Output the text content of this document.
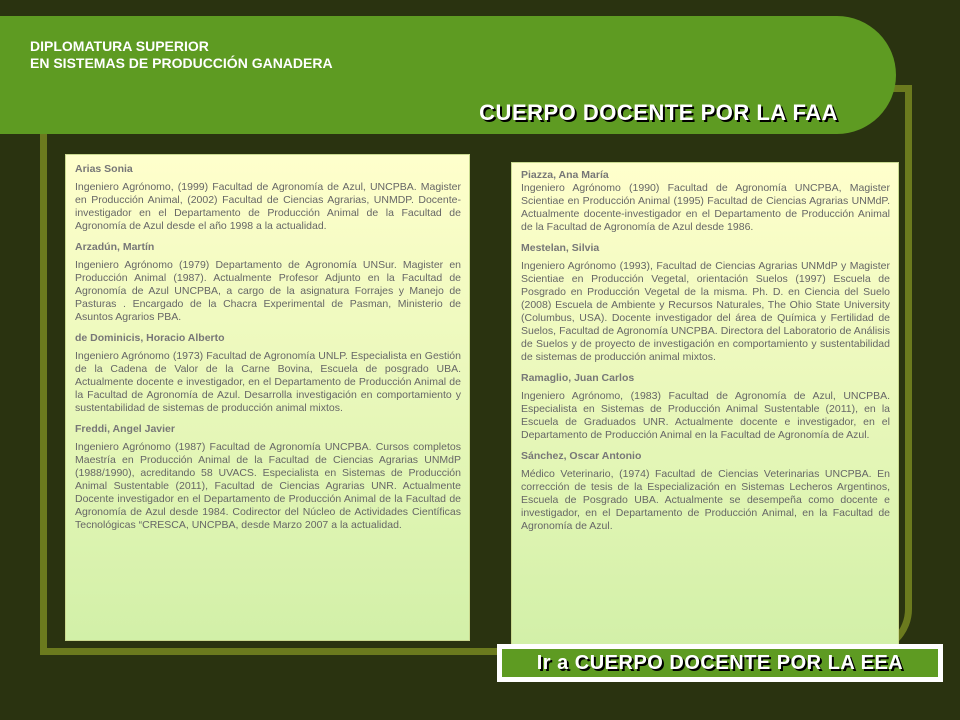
DIPLOMATURA SUPERIOR
EN SISTEMAS DE PRODUCCIÓN GANADERA
CUERPO DOCENTE POR LA FAA
Arias Sonia
Ingeniero Agrónomo, (1999) Facultad de Agronomía de Azul, UNCPBA. Magister en Producción Animal, (2002) Facultad de Ciencias Agrarias, UNMDP. Docente-investigador en el Departamento de Producción Animal de la Facultad de Agronomía de Azul desde el año 1998 a la actualidad.
Arzadún, Martín
Ingeniero Agrónomo (1979) Departamento de Agronomía UNSur. Magister en Producción Animal (1987). Actualmente Profesor Adjunto en la Facultad de Agronomía de Azul UNCPBA, a cargo de la asignatura Forrajes y Manejo de Pasturas . Encargado de la Chacra Experimental de Pasman, Ministerio de Asuntos Agrarios PBA.
de Dominicis, Horacio Alberto
Ingeniero Agrónomo (1973) Facultad de Agronomía UNLP. Especialista en Gestión de la Cadena de Valor de la Carne Bovina, Escuela de posgrado UBA. Actualmente docente e investigador, en el Departamento de Producción Animal de la Facultad de Agronomía de Azul. Desarrolla investigación en comportamiento y sustentabilidad de sistemas de producción animal mixtos.
Freddi, Angel Javier
Ingeniero Agrónomo (1987) Facultad de Agronomía UNCPBA. Cursos completos Maestría en Producción Animal de la Facultad de Ciencias Agrarias UNMdP (1988/1990), acreditando 58 UVACS. Especialista en Sistemas de Producción Animal Sustentable (2011), Facultad de Ciencias Agrarias UNR. Actualmente Docente investigador en el Departamento de Producción Animal de la Facultad de Agronomía de Azul desde 1984. Codirector del Núcleo de Actividades Científicas Tecnológicas “CRESCA, UNCPBA, desde Marzo 2007 a la actualidad.
Piazza, Ana María
Ingeniero Agrónomo (1990) Facultad de Agronomía UNCPBA, Magister Scientiae en Producción Animal (1995) Facultad de Ciencias Agrarias UNMdP. Actualmente docente-investigador en el Departamento de Producción Animal de la Facultad de Agronomía de Azul desde 1986.
Mestelan, Silvia
Ingeniero Agrónomo (1993), Facultad de Ciencias Agrarias UNMdP y Magister Scientiae en Producción Vegetal, orientación Suelos (1997) Escuela de Posgrado en Producción Vegetal de la misma. Ph. D. en Ciencia del Suelo (2008) Escuela de Ambiente y Recursos Naturales, The Ohio State University (Columbus, USA). Docente investigador del área de Química y Fertilidad de Suelos, Facultad de Agronomía UNCPBA. Directora del Laboratorio de Análisis de Suelos y de proyecto de investigación en comportamiento y sustentabilidad de sistemas de producción animal mixtos.
Ramaglio, Juan Carlos
Ingeniero Agrónomo, (1983) Facultad de Agronomía de Azul, UNCPBA. Especialista en Sistemas de Producción Animal Sustentable (2011), en la Escuela de Graduados UNR. Actualmente docente e investigador, en el Departamento de Producción Animal en la Facultad de Agronomía de Azul.
Sánchez, Oscar Antonio
Médico Veterinario, (1974) Facultad de Ciencias Veterinarias UNCPBA. En corrección de tesis de la Especialización en Sistemas Lecheros Argentinos, Escuela de Posgrado UBA. Actualmente se desempeña como docente e investigador, en el Departamento de Producción Animal, en la Facultad de Agronomía de Azul.
Ir a CUERPO DOCENTE POR LA EEA
